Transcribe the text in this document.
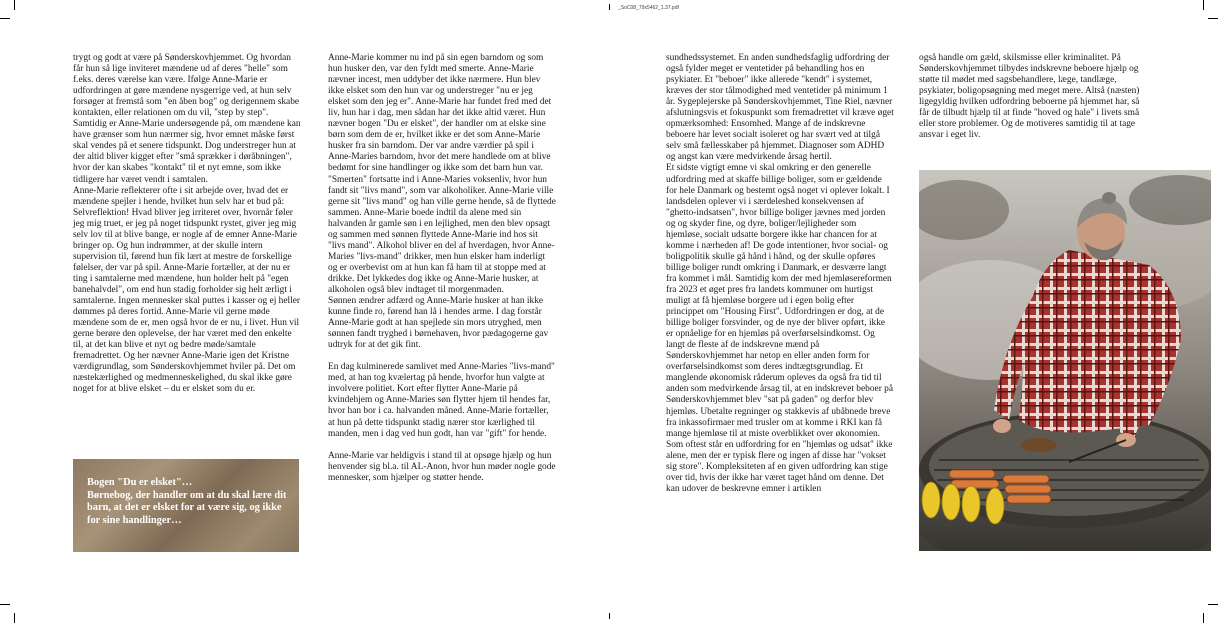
_SoC08_79x5462_1.37.pdf

trygt og godt at være på Sønderskovhjemmet. Og hvordan får hun så lige inviteret mændene ud af deres "helle" som f.eks. deres værelse kan være. Ifølge Anne-Marie er udfordringen at gøre mændene nysgerrige ved, at hun selv forsøger at fremstå som "en åben bog" og derigennem skabe kontakten, eller relationen om du vil, "step by step". Samtidig er Anne-Marie undersøgende på, om mændene kan have grænser som hun nærmer sig, hvor emnet måske først skal vendes på et senere tidspunkt. Dog understreger hun at der altid bliver kigget efter "små sprækker i døråbningen", hvor der kan skabes "kontakt" til et nyt emne, som ikke tidligere har været vendt i samtalen.

Anne-Marie reflekterer ofte i sit arbejde over, hvad det er mændene spejler i hende, hvilket hun selv har et bud på: Selvreflektion! Hvad bliver jeg irriteret over, hvornår føler jeg mig truet, er jeg på noget tidspunkt rystet, giver jeg mig selv lov til at blive bange, er nogle af de emner Anne-Marie bringer op. Og hun indrømmer, at der skulle intern supervision til, førend hun fik lært at mestre de forskellige følelser, der var på spil. Anne-Marie fortæller, at der nu er ting i samtalerne med mændene, hun holder helt på "egen banehalvdel", om end hun stadig forholder sig helt ærligt i samtalerne. Ingen mennesker skal puttes i kasser og ej heller dømmes på deres fortid. Anne-Marie vil gerne møde mændene som de er, men også hvor de er nu, i livet. Hun vil gerne berøre den oplevelse, der har været med den enkelte til, at det kan blive et nyt og bedre møde/samtale fremadrettet. Og her nævner Anne-Marie igen det Kristne værdigrundlag, som Sønderskovhjemmet hviler på. Det om næstekærlighed og medmenneskelighed, du skal ikke gøre noget for at blive elsket – du er elsket som du er.

Bogen "Du er elsket"…
Børnebog, der handler om at du skal lære dit barn, at det er elsket for at være sig, og ikke for sine handlinger…

Anne-Marie kommer nu ind på sin egen barndom og som hun husker den, var den fyldt med smerte. Anne-Marie nævner incest, men uddyber det ikke nærmere. Hun blev ikke elsket som den hun var og understreger "nu er jeg elsket som den jeg er". Anne-Marie har fundet fred med det liv, hun har i dag, men sådan har det ikke altid været. Hun nævner bogen "Du er elsket", der handler om at elske sine børn som dem de er, hvilket ikke er det som Anne-Marie husker fra sin barndom. Der var andre værdier på spil i Anne-Maries barndom, hvor det mere handlede om at blive bedømt for sine handlinger og ikke som det barn hun var. "Smerten" fortsatte ind i Anne-Maries voksenliv, hvor hun fandt sit "livs mand", som var alkoholiker. Anne-Marie ville gerne sit "livs mand" og han ville gerne hende, så de flyttede sammen. Anne-Marie boede indtil da alene med sin halvanden år gamle søn i en lejlighed, men den blev opsagt og sammen med sønnen flyttede Anne-Marie ind hos sit "livs mand". Alkohol bliver en del af hverdagen, hvor Anne-Maries "livs-mand" drikker, men hun elsker ham inderligt og er overbevist om at hun kan få ham til at stoppe med at drikke. Det lykkedes dog ikke og Anne-Marie husker, at alkoholen også blev indtaget til morgenmaden.

Sønnen ændrer adfærd og Anne-Marie husker at han ikke kunne finde ro, førend han lå i hendes arme. I dag forstår Anne-Marie godt at han spejlede sin mors utryghed, men sønnen fandt tryghed i børnehaven, hvor pædagogerne gav udtryk for at det gik fint.

En dag kulminerede samlivet med Anne-Maries "livs-mand" med, at han tog kvælertag på hende, hvorfor hun valgte at involvere politiet. Kort efter flytter Anne-Marie på kvindehjem og Anne-Maries søn flytter hjem til hendes far, hvor han bor i ca. halvanden måned. Anne-Marie fortæller, at hun på dette tidspunkt stadig nærer stor kærlighed til manden, men i dag ved hun godt, han var "gift" for hende.

Anne-Marie var heldigvis i stand til at opsøge hjælp og hun henvender sig bl.a. til AL-Anon, hvor hun møder nogle gode mennesker, som hjælper og støtter hende.

sundhedssystemet. En anden sundhedsfaglig udfordring der også fylder meget er ventetider på behandling hos en psykiater. Et "beboer" ikke allerede "kendt" i systemet, kræves der stor tålmodighed med ventetider på minimum 1 år. Sygeplejerske på Sønderskovhjemmet, Tine Riel, nævner afslutningsvis et fokuspunkt som fremadrettet vil kræve øget opmærksomhed: Ensomhed. Mange af de indskrevne beboere har levet socialt isoleret og har svært ved at tilgå selv små fællesskaber på hjemmet. Diagnoser som ADHD og angst kan være medvirkende årsag hertil.

Et sidste vigtigt emne vi skal omkring er den generelle udfordring med at skaffe billige boliger, som er gældende for hele Danmark og bestemt også noget vi oplever lokalt. I landsdelen oplever vi i særdeleshed konsekvensen af "ghetto-indsatsen", hvor billige boliger jævnes med jorden og og skyder fine, og dyre, boliger/lejligheder som hjemløse, socialt udsatte borgere ikke har chancen for at komme i nærheden af! De gode intentioner, hvor social- og boligpolitik skulle gå hånd i hånd, og der skulle opføres billige boliger rundt omkring i Danmark, er desværre langt fra kommet i mål. Samtidig kom der med hjemløsereformen fra 2023 et øget pres fra landets kommuner om hurtigst muligt at få hjemløse borgere ud i egen bolig efter princippet om "Housing First". Udfordringen er dog, at de billige boliger forsvinder, og de nye der bliver opført, ikke er opnåelige for en hjemløs på overførselsindkomst. Og langt de fleste af de indskrevne mænd på Sønderskovhjemmet har netop en eller anden form for overførselsindkomst som deres indtægtsgrundlag. Et manglende økonomisk råderum opleves da også fra tid til anden som medvirkende årsag til, at en indskrevet beboer på Sønderskovhjemmet blev "sat på gaden" og derfor blev hjemløs. Ubetalte regninger og stakkevis af ubåbnede breve fra inkassofirmaer med trusler om at komme i RKI kan få mange hjemløse til at miste overblikket over økonomien.

Som oftest står en udfordring for en "hjemløs og udsat" ikke alene, men der er typisk flere og ingen af disse har "vokset sig store". Kompleksiteten af en given udfordring kan stige over tid, hvis der ikke har været taget hånd om denne. Det kan udover de beskrevne emner i artiklen

også handle om gæld, skilsmisse eller kriminalitet. På Sønderskovhjemmet tilbydes indskrevne beboere hjælp og støtte til mødet med sagsbehandlere, læge, tandlæge, psykiater, boligopsøgning med meget mere. Altså (næsten) ligegyldig hvilken udfordring beboerne på hjemmet har, så får de tilbudt hjælp til at finde "hoved og hale" i livets små eller store problemer. Og de motiveres samtidig til at tage ansvar i eget liv.
